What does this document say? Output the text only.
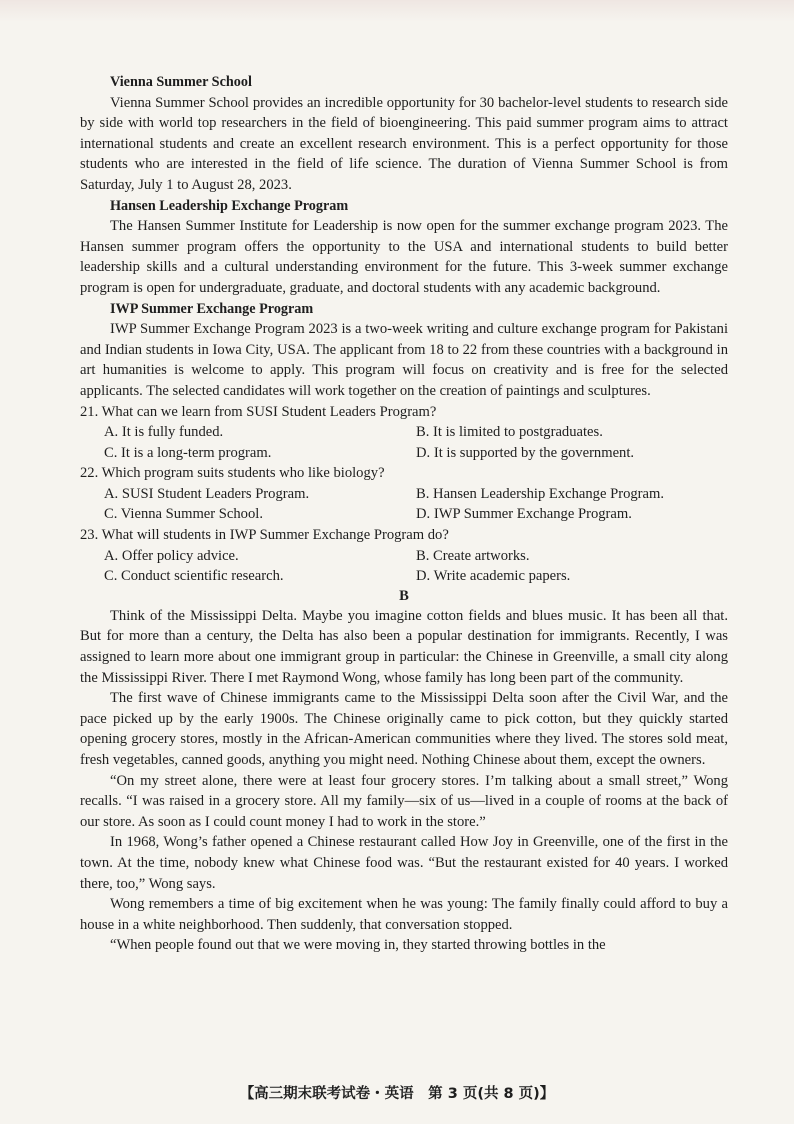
Vienna Summer School

Vienna Summer School provides an incredible opportunity for 30 bachelor-level students to research side by side with world top researchers in the field of bioengineering. This paid summer program aims to attract international students and create an excellent research environment. This is a perfect opportunity for those students who are interested in the field of life science. The duration of Vienna Summer School is from Saturday, July 1 to August 28, 2023.

Hansen Leadership Exchange Program

The Hansen Summer Institute for Leadership is now open for the summer exchange program 2023. The Hansen summer program offers the opportunity to the USA and international students to build better leadership skills and a cultural understanding environment for the future. This 3-week summer exchange program is open for undergraduate, graduate, and doctoral students with any academic background.

IWP Summer Exchange Program

IWP Summer Exchange Program 2023 is a two-week writing and culture exchange program for Pakistani and Indian students in Iowa City, USA. The applicant from 18 to 22 from these countries with a background in art humanities is welcome to apply. This program will focus on creativity and is free for the selected applicants. The selected candidates will work together on the creation of paintings and sculptures.

21. What can we learn from SUSI Student Leaders Program?

A. It is fully funded.	B. It is limited to postgraduates.
C. It is a long-term program.	D. It is supported by the government.

22. Which program suits students who like biology?

A. SUSI Student Leaders Program.	B. Hansen Leadership Exchange Program.
C. Vienna Summer School.	D. IWP Summer Exchange Program.

23. What will students in IWP Summer Exchange Program do?

A. Offer policy advice.	B. Create artworks.
C. Conduct scientific research.	D. Write academic papers.

B

Think of the Mississippi Delta. Maybe you imagine cotton fields and blues music. It has been all that. But for more than a century, the Delta has also been a popular destination for immigrants. Recently, I was assigned to learn more about one immigrant group in particular: the Chinese in Greenville, a small city along the Mississippi River. There I met Raymond Wong, whose family has long been part of the community.

The first wave of Chinese immigrants came to the Mississippi Delta soon after the Civil War, and the pace picked up by the early 1900s. The Chinese originally came to pick cotton, but they quickly started opening grocery stores, mostly in the African-American communities where they lived. The stores sold meat, fresh vegetables, canned goods, anything you might need. Nothing Chinese about them, except the owners.

“On my street alone, there were at least four grocery stores. I’m talking about a small street,” Wong recalls. “I was raised in a grocery store. All my family—six of us—lived in a couple of rooms at the back of our store. As soon as I could count money I had to work in the store.”

In 1968, Wong’s father opened a Chinese restaurant called How Joy in Greenville, one of the first in the town. At the time, nobody knew what Chinese food was. “But the restaurant existed for 40 years. I worked there, too,” Wong says.

Wong remembers a time of big excitement when he was young: The family finally could afford to buy a house in a white neighborhood. Then suddenly, that conversation stopped.

“When people found out that we were moving in, they started throwing bottles in the

【高三期末联考试卷・英语　第 3 页(共 8 页)】
